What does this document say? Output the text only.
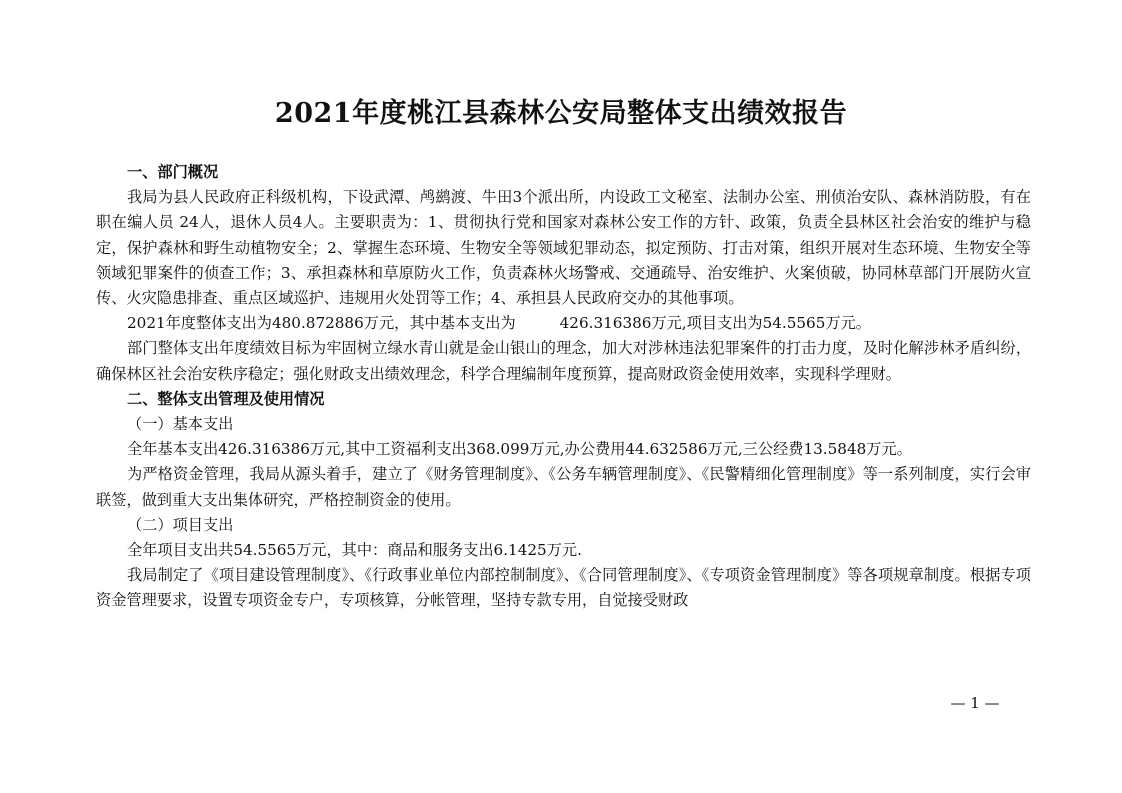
2021年度桃江县森林公安局整体支出绩效报告

一、部门概况

我局为县人民政府正科级机构，下设武潭、鸬鹚渡、牛田3个派出所，内设政工文秘室、法制办公室、刑侦治安队、森林消防股，有在职在编人员 24人，退休人员4人。主要职责为：1、贯彻执行党和国家对森林公安工作的方针、政策，负责全县林区社会治安的维护与稳定，保护森林和野生动植物安全；2、掌握生态环境、生物安全等领域犯罪动态，拟定预防、打击对策，组织开展对生态环境、生物安全等领域犯罪案件的侦查工作；3、承担森林和草原防火工作，负责森林火场警戒、交通疏导、治安维护、火案侦破，协同林草部门开展防火宣传、火灾隐患排查、重点区域巡护、违规用火处罚等工作；4、承担县人民政府交办的其他事项。

2021年度整体支出为480.872886万元，其中基本支出为	426.316386万元,项目支出为54.5565万元。

部门整体支出年度绩效目标为牢固树立绿水青山就是金山银山的理念，加大对涉林违法犯罪案件的打击力度，及时化解涉林矛盾纠纷，确保林区社会治安秩序稳定；强化财政支出绩效理念，科学合理编制年度预算，提高财政资金使用效率，实现科学理财。

二、整体支出管理及使用情况

（一）基本支出

全年基本支出426.316386万元,其中工资福利支出368.099万元,办公费用44.632586万元,三公经费13.5848万元。

为严格资金管理，我局从源头着手，建立了《财务管理制度》、《公务车辆管理制度》、《民警精细化管理制度》等一系列制度，实行会审联签，做到重大支出集体研究，严格控制资金的使用。

（二）项目支出

全年项目支出共54.5565万元，其中：商品和服务支出6.1425万元.

我局制定了《项目建设管理制度》、《行政事业单位内部控制制度》、《合同管理制度》、《专项资金管理制度》等各项规章制度。根据专项资金管理要求，设置专项资金专户，专项核算，分帐管理，坚持专款专用，自觉接受财政

— 1 —
